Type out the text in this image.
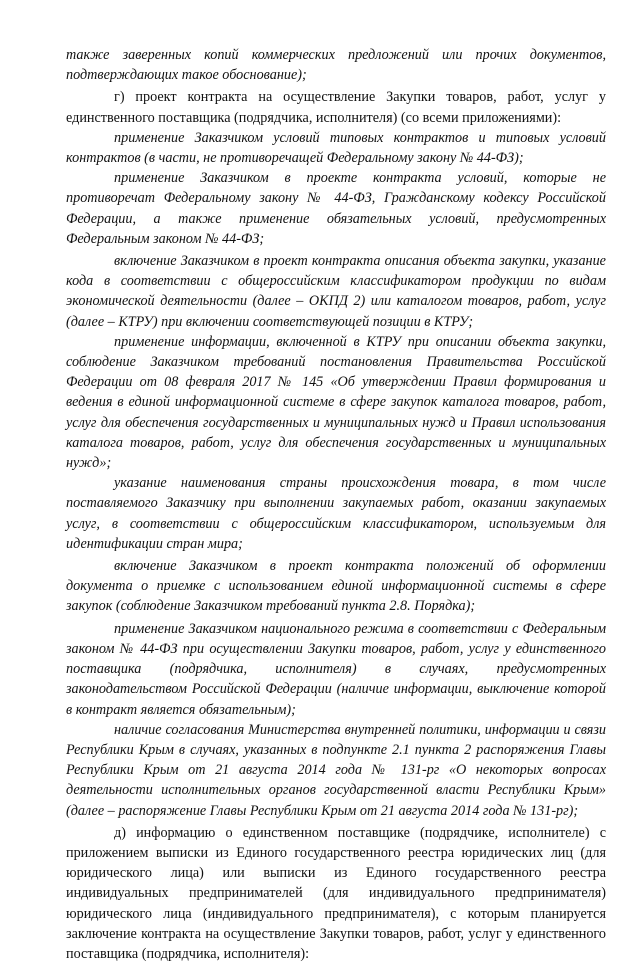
также заверенных копий коммерческих предложений или прочих документов, подтверждающих такое обоснование);

г) проект контракта на осуществление Закупки товаров, работ, услуг у единственного поставщика (подрядчика, исполнителя) (со всеми приложениями):

применение Заказчиком условий типовых контрактов и типовых условий контрактов (в части, не противоречащей Федеральному закону № 44-ФЗ);

применение Заказчиком в проекте контракта условий, которые не противоречат Федеральному закону № 44-ФЗ, Гражданскому кодексу Российской Федерации, а также применение обязательных условий, предусмотренных Федеральным законом № 44-ФЗ;

включение Заказчиком в проект контракта описания объекта закупки, указание кода в соответствии с общероссийским классификатором продукции по видам экономической деятельности (далее – ОКПД 2) или каталогом товаров, работ, услуг (далее – КТРУ) при включении соответствующей позиции в КТРУ;

применение информации, включенной в КТРУ при описании объекта закупки, соблюдение Заказчиком требований постановления Правительства Российской Федерации от 08 февраля 2017 № 145 «Об утверждении Правил формирования и ведения в единой информационной системе в сфере закупок каталога товаров, работ, услуг для обеспечения государственных и муниципальных нужд и Правил использования каталога товаров, работ, услуг для обеспечения государственных и муниципальных нужд»;

указание наименования страны происхождения товара, в том числе поставляемого Заказчику при выполнении закупаемых работ, оказании закупаемых услуг, в соответствии с общероссийским классификатором, используемым для идентификации стран мира;

включение Заказчиком в проект контракта положений об оформлении документа о приемке с использованием единой информационной системы в сфере закупок (соблюдение Заказчиком требований пункта 2.8. Порядка);

применение Заказчиком национального режима в соответствии с Федеральным законом № 44-ФЗ при осуществлении Закупки товаров, работ, услуг у единственного поставщика (подрядчика, исполнителя) в случаях, предусмотренных законодательством Российской Федерации (наличие информации, выключение которой в контракт является обязательным);

наличие согласования Министерства внутренней политики, информации и связи Республики Крым в случаях, указанных в подпункте 2.1 пункта 2 распоряжения Главы Республики Крым от 21 августа 2014 года № 131-рг «О некоторых вопросах деятельности исполнительных органов государственной власти Республики Крым» (далее – распоряжение Главы Республики Крым от 21 августа 2014 года № 131-рг);

д) информацию о единственном поставщике (подрядчике, исполнителе) с приложением выписки из Единого государственного реестра юридических лиц (для юридического лица) или выписки из Единого государственного реестра индивидуальных предпринимателей (для индивидуального предпринимателя) юридического лица (индивидуального предпринимателя), с которым планируется заключение контракта на осуществление Закупки товаров, работ, услуг у единственного поставщика (подрядчика, исполнителя):
